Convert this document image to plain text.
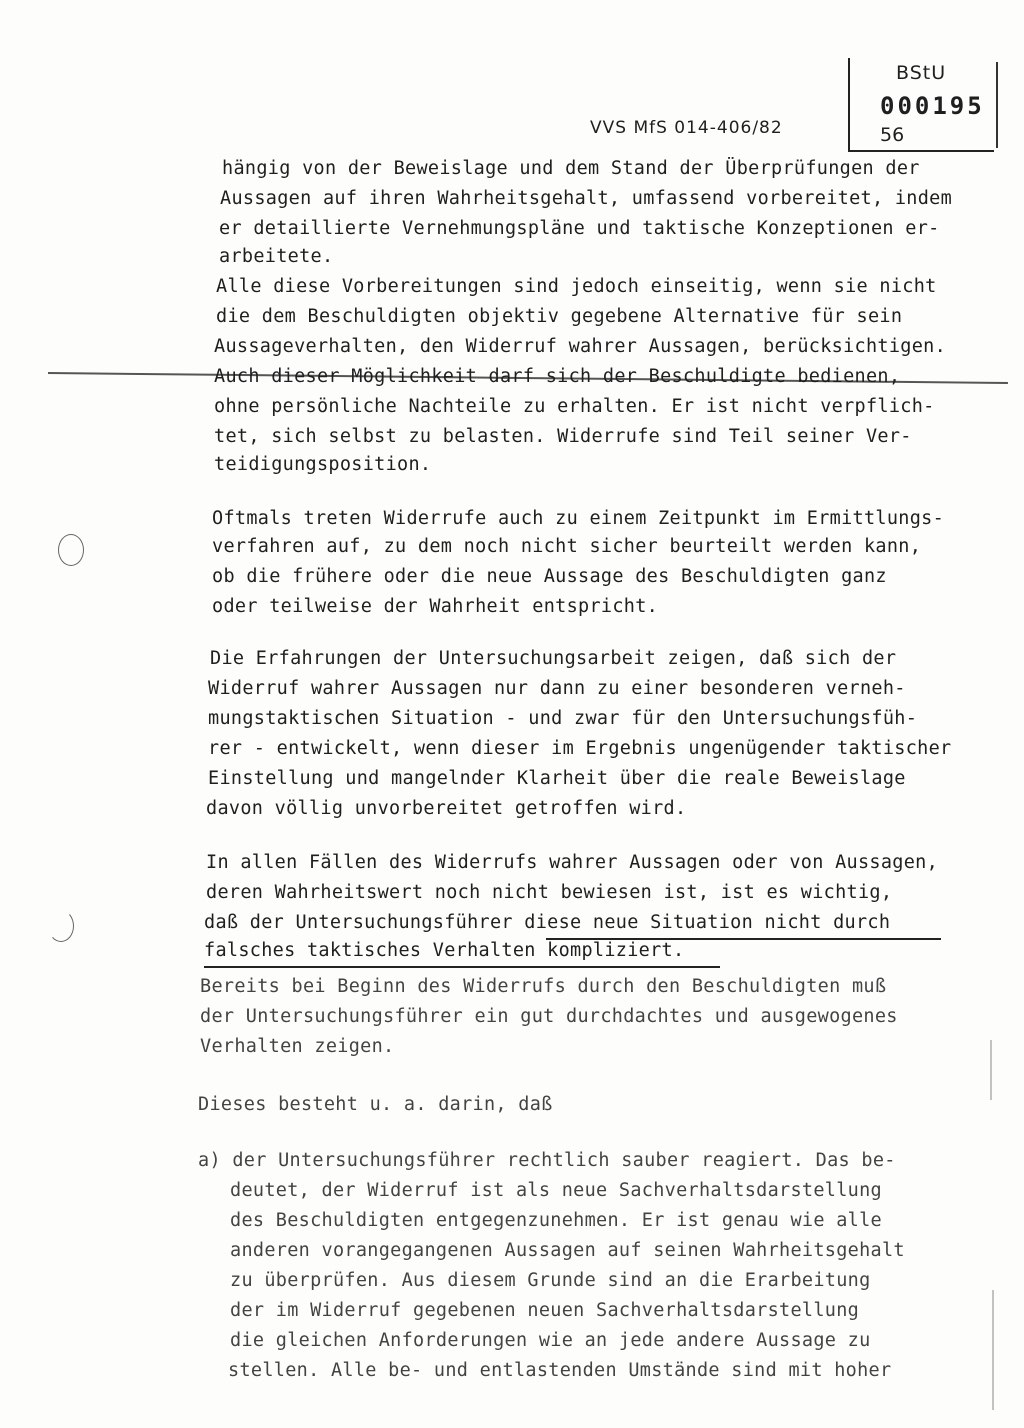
BStU
000195
56
VVS MfS 014-406/82
hängig von der Beweislage und dem Stand der Überprüfungen der
Aussagen auf ihren Wahrheitsgehalt, umfassend vorbereitet, indem
er detaillierte Vernehmungspläne und taktische Konzeptionen er-
arbeitete.
Alle diese Vorbereitungen sind jedoch einseitig, wenn sie nicht
die dem Beschuldigten objektiv gegebene Alternative für sein
Aussageverhalten, den Widerruf wahrer Aussagen, berücksichtigen.
Auch dieser Möglichkeit darf sich der Beschuldigte bedienen,
ohne persönliche Nachteile zu erhalten. Er ist nicht verpflich-
tet, sich selbst zu belasten. Widerrufe sind Teil seiner Ver-
teidigungsposition.
Oftmals treten Widerrufe auch zu einem Zeitpunkt im Ermittlungs-
verfahren auf, zu dem noch nicht sicher beurteilt werden kann,
ob die frühere oder die neue Aussage des Beschuldigten ganz
oder teilweise der Wahrheit entspricht.
Die Erfahrungen der Untersuchungsarbeit zeigen, daß sich der
Widerruf wahrer Aussagen nur dann zu einer besonderen verneh-
mungstaktischen Situation - und zwar für den Untersuchungsfüh-
rer - entwickelt, wenn dieser im Ergebnis ungenügender taktischer
Einstellung und mangelnder Klarheit über die reale Beweislage
davon völlig unvorbereitet getroffen wird.
In allen Fällen des Widerrufs wahrer Aussagen oder von Aussagen,
deren Wahrheitswert noch nicht bewiesen ist, ist es wichtig,
daß der Untersuchungsführer diese neue Situation nicht durch
falsches taktisches Verhalten kompliziert.
Bereits bei Beginn des Widerrufs durch den Beschuldigten muß
der Untersuchungsführer ein gut durchdachtes und ausgewogenes
Verhalten zeigen.
Dieses besteht u. a. darin, daß
a) der Untersuchungsführer rechtlich sauber reagiert. Das be-
deutet, der Widerruf ist als neue Sachverhaltsdarstellung
des Beschuldigten entgegenzunehmen. Er ist genau wie alle
anderen vorangegangenen Aussagen auf seinen Wahrheitsgehalt
zu überprüfen. Aus diesem Grunde sind an die Erarbeitung
der im Widerruf gegebenen neuen Sachverhaltsdarstellung
die gleichen Anforderungen wie an jede andere Aussage zu
stellen. Alle be- und entlastenden Umstände sind mit hoher
